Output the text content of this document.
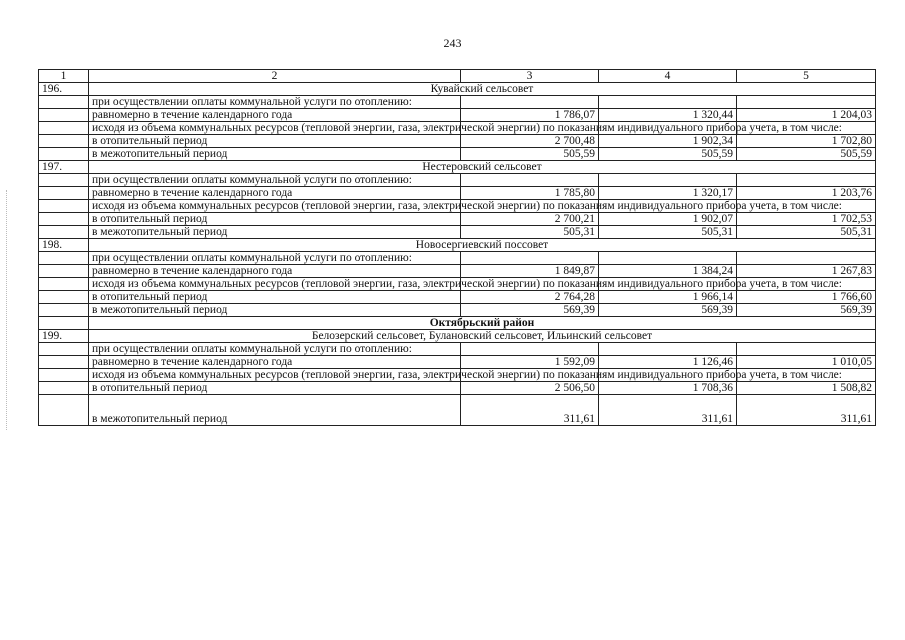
243
1	2	3	4	5
196.	Кувайский сельсовет			
	при осуществлении оплаты коммунальной услуги по отоплению:			
	равномерно в течение календарного года	1 786,07	1 320,44	1 204,03
	исходя из объема коммунальных ресурсов (тепловой энергии, газа, электрической энергии) по показаниям индивидуального прибора учета, в том числе:			
	в отопительный период	2 700,48	1 902,34	1 702,80
	в межотопительный период	505,59	505,59	505,59
197.	Нестеровский сельсовет			
	при осуществлении оплаты коммунальной услуги по отоплению:			
	равномерно в течение календарного года	1 785,80	1 320,17	1 203,76
	исходя из объема коммунальных ресурсов (тепловой энергии, газа, электрической энергии) по показаниям индивидуального прибора учета, в том числе:			
	в отопительный период	2 700,21	1 902,07	1 702,53
	в межотопительный период	505,31	505,31	505,31
198.	Новосергиевский поссовет			
	при осуществлении оплаты коммунальной услуги по отоплению:			
	равномерно в течение календарного года	1 849,87	1 384,24	1 267,83
	исходя из объема коммунальных ресурсов (тепловой энергии, газа, электрической энергии) по показаниям индивидуального прибора учета, в том числе:			
	в отопительный период	2 764,28	1 966,14	1 766,60
	в межотопительный период	569,39	569,39	569,39
	Октябрьский район			
199.	Белозерский сельсовет, Булановский сельсовет, Ильинский сельсовет			
	при осуществлении оплаты коммунальной услуги по отоплению:			
	равномерно в течение календарного года	1 592,09	1 126,46	1 010,05
	исходя из объема коммунальных ресурсов (тепловой энергии, газа, электрической энергии) по показаниям индивидуального прибора учета, в том числе:			
	в отопительный период	2 506,50	1 708,36	1 508,82
	в межотопительный период	311,61	311,61	311,61
